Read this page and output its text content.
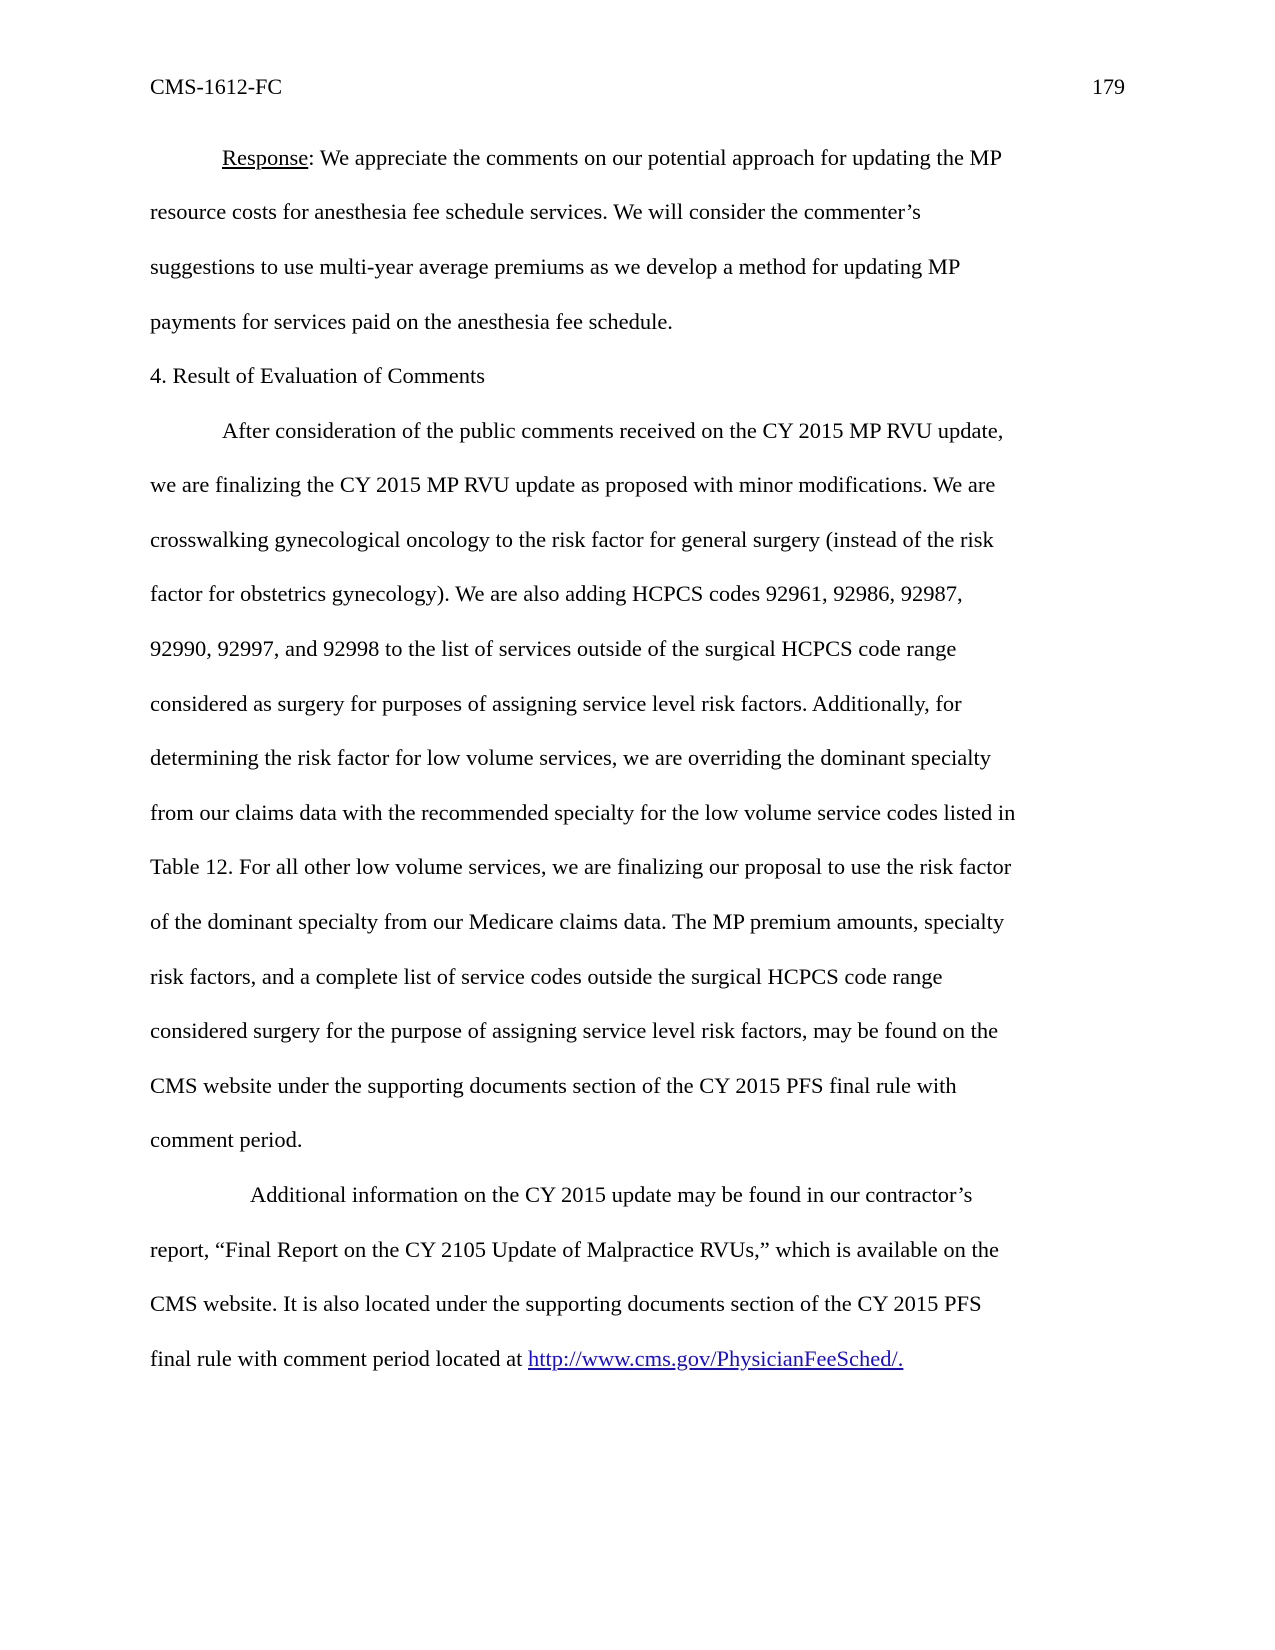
CMS-1612-FC	179
Response: We appreciate the comments on our potential approach for updating the MP
resource costs for anesthesia fee schedule services. We will consider the commenter’s
suggestions to use multi-year average premiums as we develop a method for updating MP
payments for services paid on the anesthesia fee schedule.
4. Result of Evaluation of Comments
After consideration of the public comments received on the CY 2015 MP RVU update,
we are finalizing the CY 2015 MP RVU update as proposed with minor modifications. We are
crosswalking gynecological oncology to the risk factor for general surgery (instead of the risk
factor for obstetrics gynecology). We are also adding HCPCS codes 92961, 92986, 92987,
92990, 92997, and 92998 to the list of services outside of the surgical HCPCS code range
considered as surgery for purposes of assigning service level risk factors. Additionally, for
determining the risk factor for low volume services, we are overriding the dominant specialty
from our claims data with the recommended specialty for the low volume service codes listed in
Table 12. For all other low volume services, we are finalizing our proposal to use the risk factor
of the dominant specialty from our Medicare claims data. The MP premium amounts, specialty
risk factors, and a complete list of service codes outside the surgical HCPCS code range
considered surgery for the purpose of assigning service level risk factors, may be found on the
CMS website under the supporting documents section of the CY 2015 PFS final rule with
comment period.
Additional information on the CY 2015 update may be found in our contractor’s
report, “Final Report on the CY 2105 Update of Malpractice RVUs,” which is available on the
CMS website. It is also located under the supporting documents section of the CY 2015 PFS
final rule with comment period located at http://www.cms.gov/PhysicianFeeSched/.
